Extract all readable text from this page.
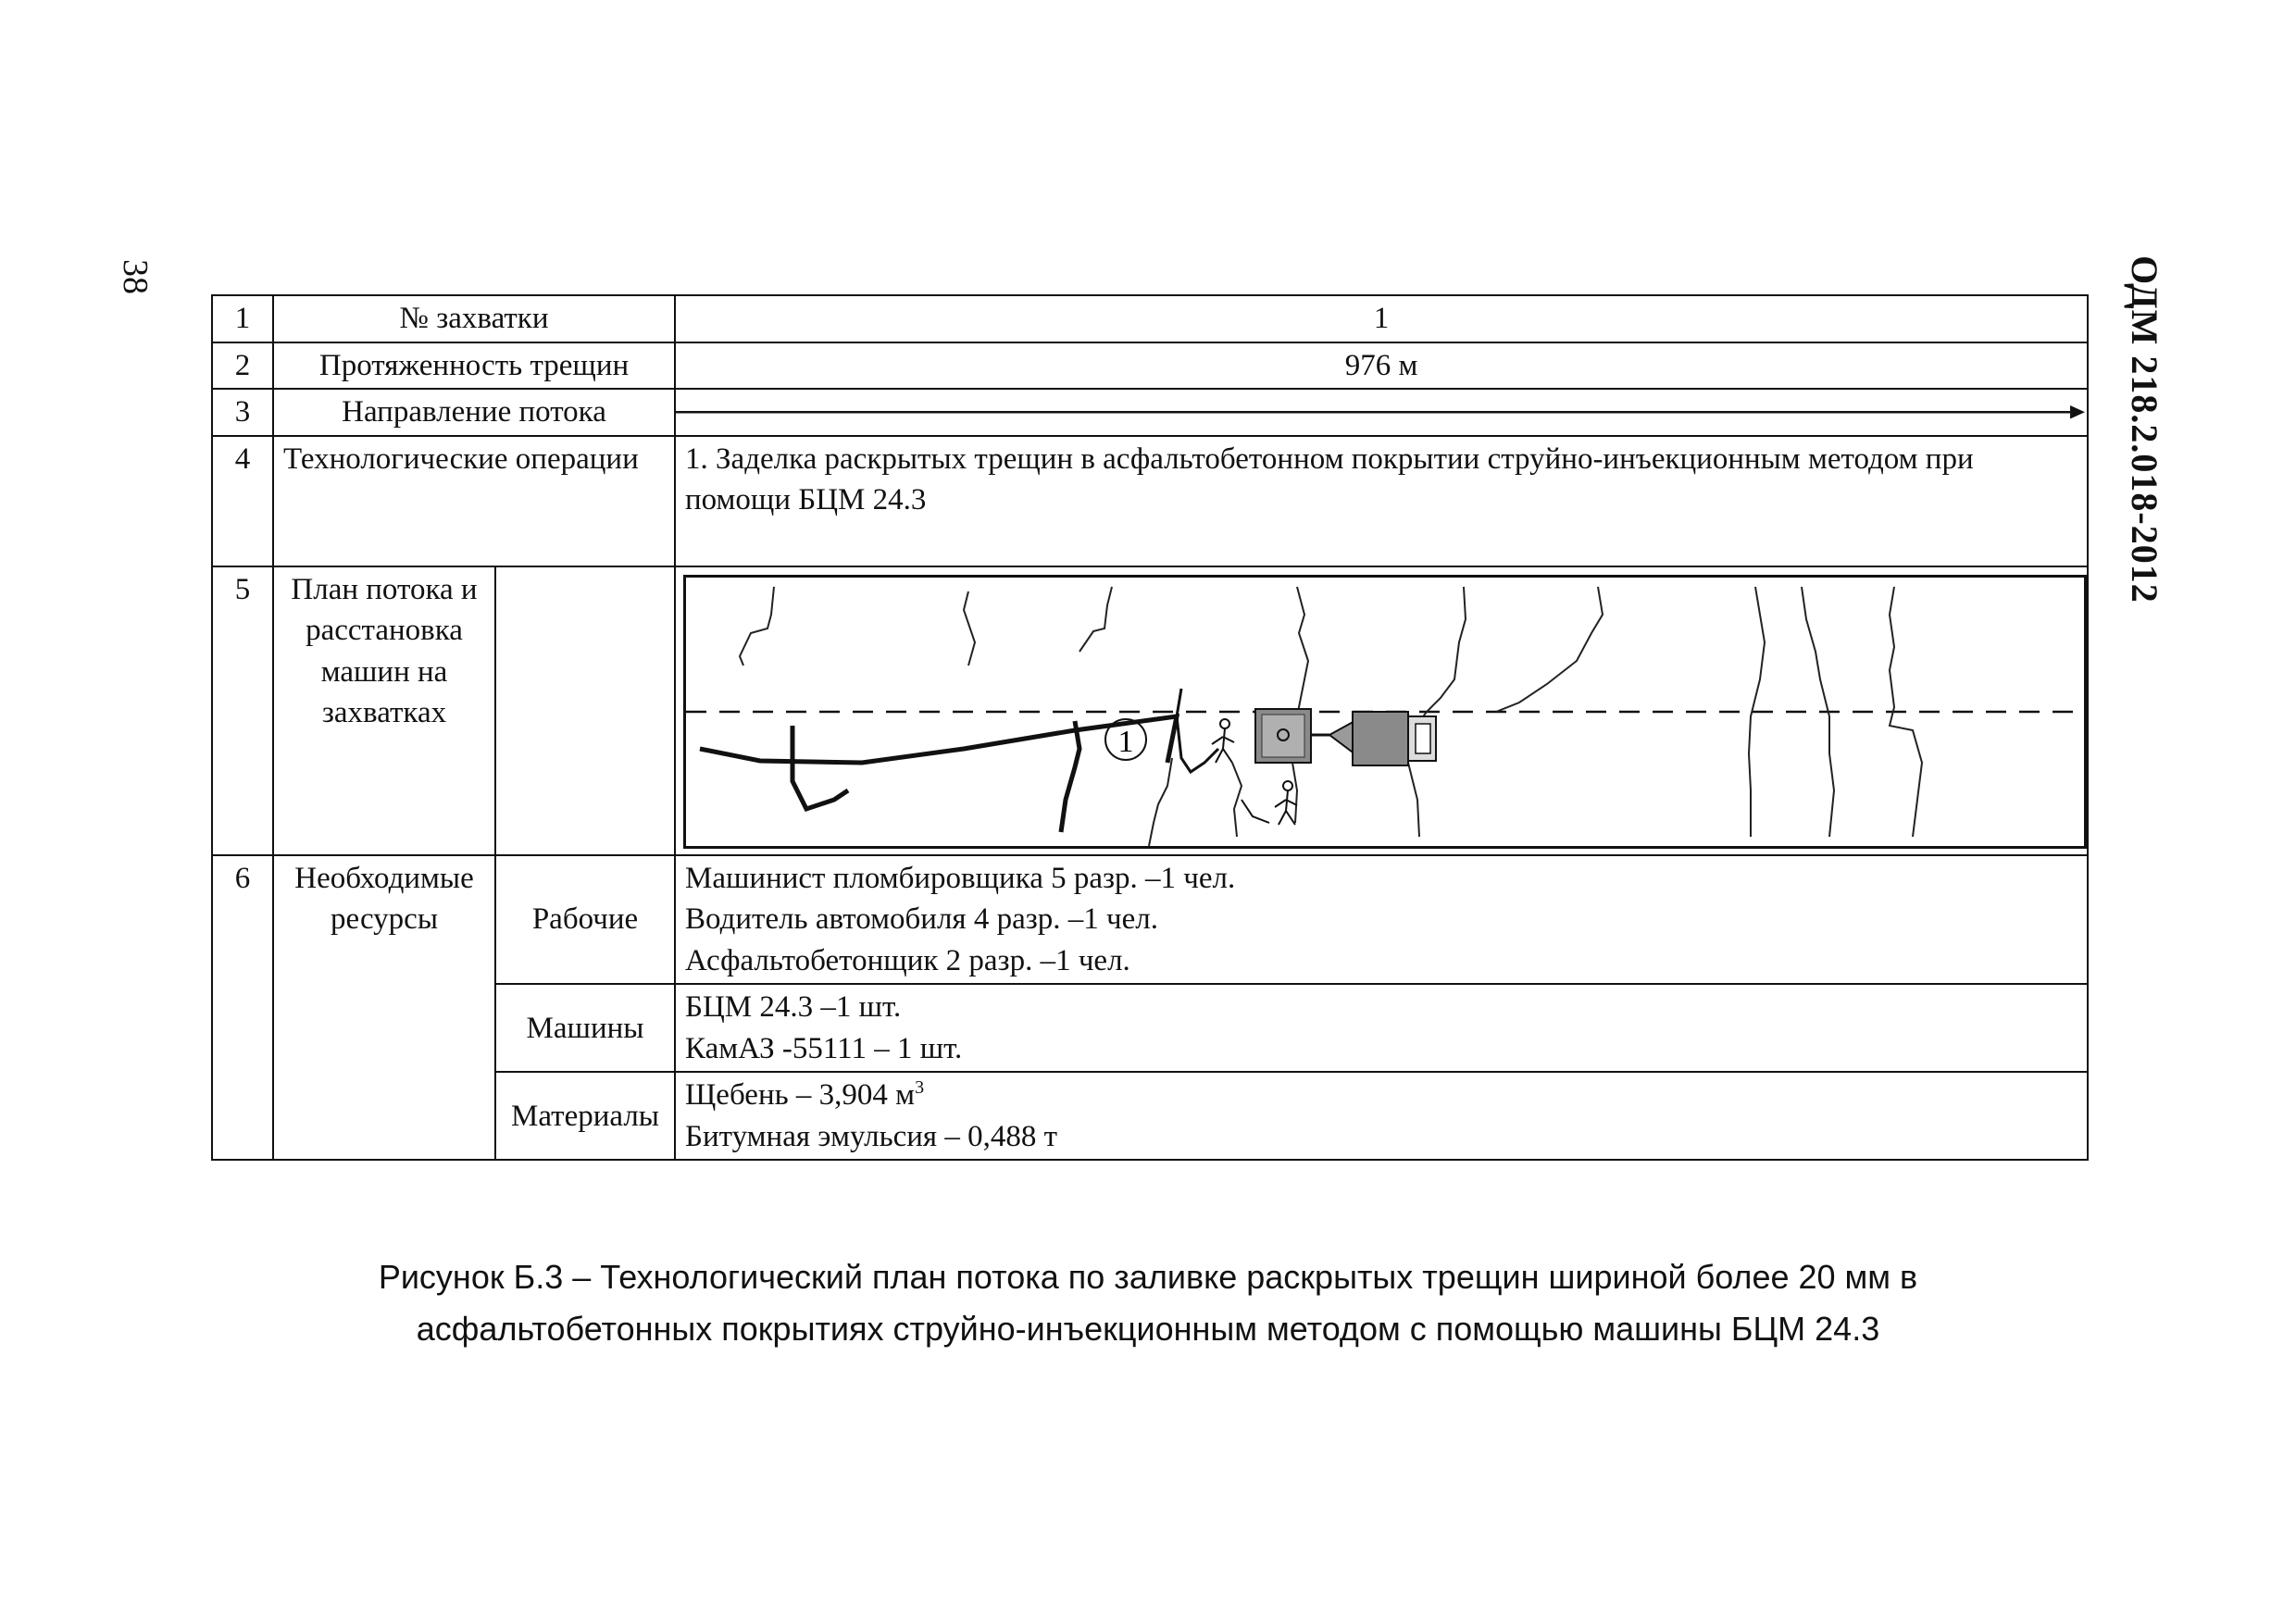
38	ОДМ 218.2.018-2012
1	№ захватки		1
2	Протяженность трещин		976 м
3	Направление потока	

4	Технологические операции		1. Заделка раскрытых трещин в асфальтобетонном покрытии струйно-инъекционным методом при помощи БЦМ 24.3
5	План потока и расстановка машин на захватках		1

6	Необходимые ресурсы	Рабочие	Машинист пломбировщика 5 разр. –1 чел.
Водитель автомобиля 4 разр. –1 чел.
Асфальтобетонщик 2 разр. –1 чел.

		Машины	БЦМ 24.3 –1 шт.
КамАЗ -55111 – 1 шт.

		Материалы	Щебень – 3,904 $м^3$
Битумная эмульсия – 0,488 т
Рисунок Б.3 – Технологический план потока по заливке раскрытых трещин шириной более 20 мм в
асфальтобетонных покрытиях струйно-инъекционным методом с помощью машины БЦМ 24.3
